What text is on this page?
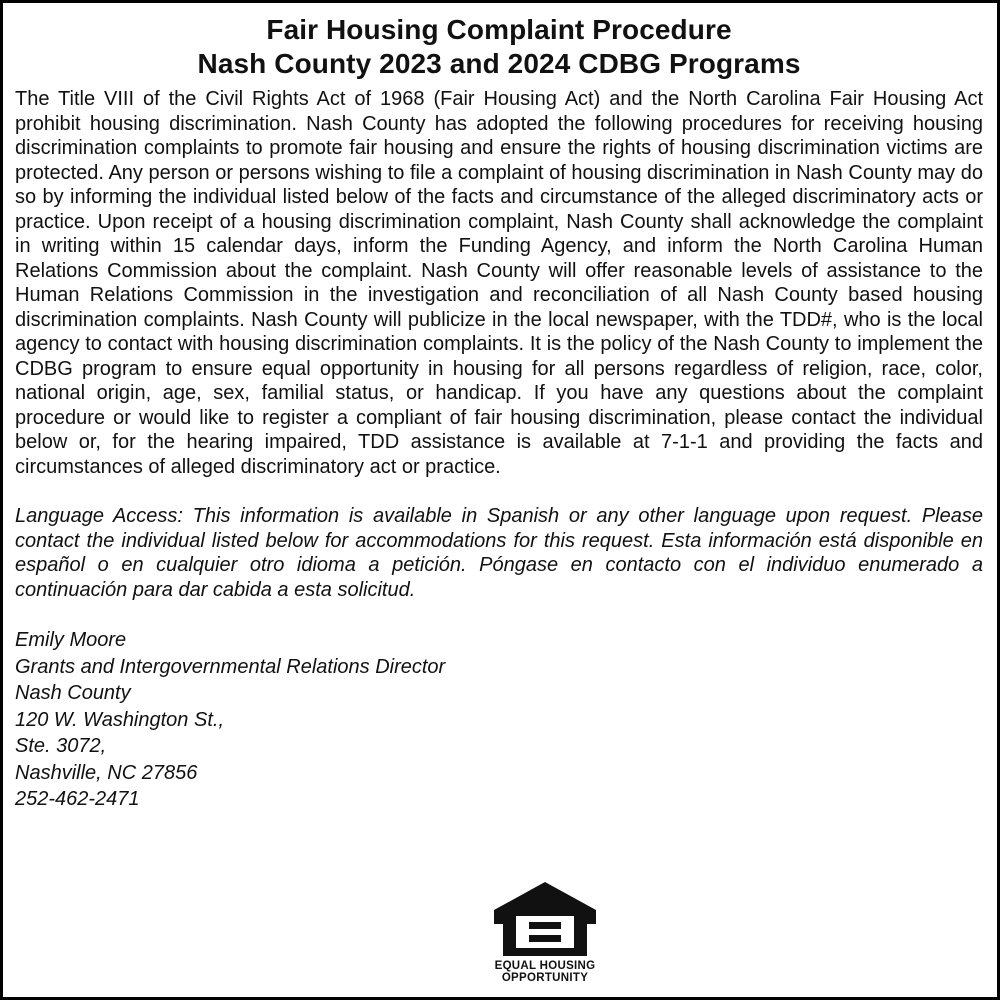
Fair Housing Complaint Procedure
Nash County 2023 and 2024 CDBG Programs

The Title VIII of the Civil Rights Act of 1968 (Fair Housing Act) and the North Carolina Fair Housing Act prohibit housing discrimination. Nash County has adopted the following procedures for receiving housing discrimination complaints to promote fair housing and ensure the rights of housing discrimination victims are protected. Any person or persons wishing to file a complaint of housing discrimination in Nash County may do so by informing the individual listed below of the facts and circumstance of the alleged discriminatory acts or practice. Upon receipt of a housing discrimination complaint, Nash County shall acknowledge the complaint in writing within 15 calendar days, inform the Funding Agency, and inform the North Carolina Human Relations Commission about the complaint. Nash County will offer reasonable levels of assistance to the Human Relations Commission in the investigation and reconciliation of all Nash County based housing discrimination complaints. Nash County will publicize in the local newspaper, with the TDD#, who is the local agency to contact with housing discrimination complaints. It is the policy of the Nash County to implement the CDBG program to ensure equal opportunity in housing for all persons regardless of religion, race, color, national origin, age, sex, familial status, or handicap. If you have any questions about the complaint procedure or would like to register a compliant of fair housing discrimination, please contact the individual below or, for the hearing impaired, TDD assistance is available at 7-1-1 and providing the facts and circumstances of alleged discriminatory act or practice.

Language Access: This information is available in Spanish or any other language upon request. Please contact the individual listed below for accommodations for this request. Esta información está disponible en español o en cualquier otro idioma a petición. Póngase en contacto con el individuo enumerado a continuación para dar cabida a esta solicitud.

Emily Moore
Grants and Intergovernmental Relations Director
Nash County
120 W. Washington St.,
Ste. 3072,
Nashville, NC 27856
252-462-2471
EQUAL HOUSING
OPPORTUNITY
